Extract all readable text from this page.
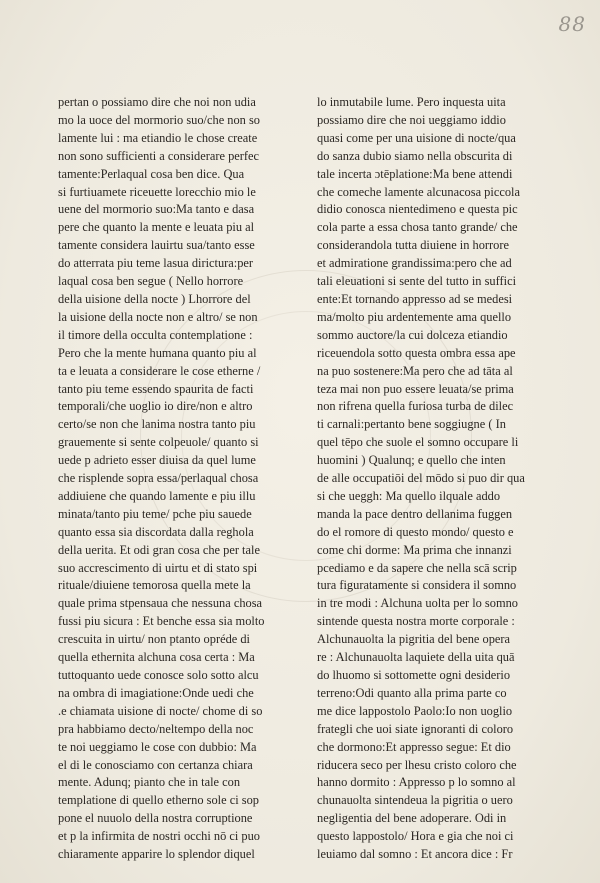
88
pertan o possiamo dire che noi non udia
mo la uoce del mormorio suo/che non so
lamente lui : ma etiandio le chose create
non sono sufficienti a considerare perfec
tamente:Perlaqual cosa ben dice. Qua
si furtiuamete riceuette lorecchio mio le
uene del mormorio suo:Ma tanto e dasa
pere che quanto la mente e leuata piu al
tamente considera lauirtu sua/tanto esse
do atterrata piu teme lasua dirictura:per
laqual cosa ben segue ( Nello horrore
della uisione della nocte ) Lhorrore del
la uisione della nocte non e altro/ se non
il timore della occulta contemplatione :
Pero che la mente humana quanto piu al
ta e leuata a considerare le cose etherne /
tanto piu teme essendo spaurita de facti
temporali/che uoglio io dire/non e altro
certo/se non che lanima nostra tanto piu
grauemente si sente colpeuole/ quanto si
uede p adrieto esser diuisa da quel lume
che risplende sopra essa/perlaqual chosa
addiuiene che quando lamente e piu illu
minata/tanto piu teme/ pche piu sauede
quanto essa sia discordata dalla reghola
della uerita. Et odi gran cosa che per tale
suo accrescimento di uirtu et di stato spi
rituale/diuiene temorosa quella mete la
quale prima stpensaua che nessuna chosa
fussi piu sicura : Et benche essa sia molto
crescuita in uirtu/ non ptanto opréde di
quella ethernita alchuna cosa certa : Ma
tuttoquanto uede conosce solo sotto alcu
na ombra di imagiatione:Onde uedi che
.e chiamata uisione di nocte/ chome di so
pra habbiamo decto/neltempo della noc
te noi ueggiamo le cose con dubbio: Ma
el di le conosciamo con certanza chiara
mente. Adunq; pianto che in tale con
templatione di quello etherno sole ci sop
pone el nuuolo della nostra corruptione
et p la infirmita de nostri occhi nō ci puo
chiaramente apparire lo splendor diquel
lo inmutabile lume. Pero inquesta uita
possiamo dire che noi ueggiamo iddio
quasi come per una uisione di nocte/qua
do sanza dubio siamo nella obscurita di
tale incerta ɔtēplatione:Ma bene attendi
che comeche lamente alcunacosa piccola
didio conosca nientedimeno e questa pic
cola parte a essa chosa tanto grande/ che
considerandola tutta diuiene in horrore
et admiratione grandissima:pero che ad
tali eleuationi si sente del tutto in suffici
ente:Et tornando appresso ad se medesi
ma/molto piu ardentemente ama quello
sommo auctore/la cui dolceza etiandio
riceuendola sotto questa ombra essa ape
na puo sostenere:Ma pero che ad tāta al
teza mai non puo essere leuata/se prima
non rifrena quella furiosa turba de dilec
ti carnali:pertanto bene soggiugne ( In
quel tēpo che suole el somno occupare li
huomini ) Qualunq; e quello che inten
de alle occupatiōi del mōdo si puo dir qua
si che ueggh: Ma quello ilquale addo
manda la pace dentro dellanima fuggen
do el romore di questo mondo/ questo e
come chi dorme: Ma prima che innanzi
pcediamo e da sapere che nella scā scrip
tura figuratamente si considera il somno
in tre modi : Alchuna uolta per lo somno
sintende questa nostra morte corporale :
Alchunauolta la pigritia del bene opera
re : Alchunauolta laquiete della uita quā
do lhuomo si sottomette ogni desiderio
terreno:Odi quanto alla prima parte co
me dice lappostolo Paolo:Io non uoglio
frategli che uoi siate ignoranti di coloro
che dormono:Et appresso segue: Et dio
riducera seco per lhesu cristo coloro che
hanno dormito : Appresso p lo somno al
chunauolta sintendeua la pigritia o uero
negligentia del bene adoperare. Odi in
questo lappostolo/ Hora e gia che noi ci
leuiamo dal somno : Et ancora dice : Fr
